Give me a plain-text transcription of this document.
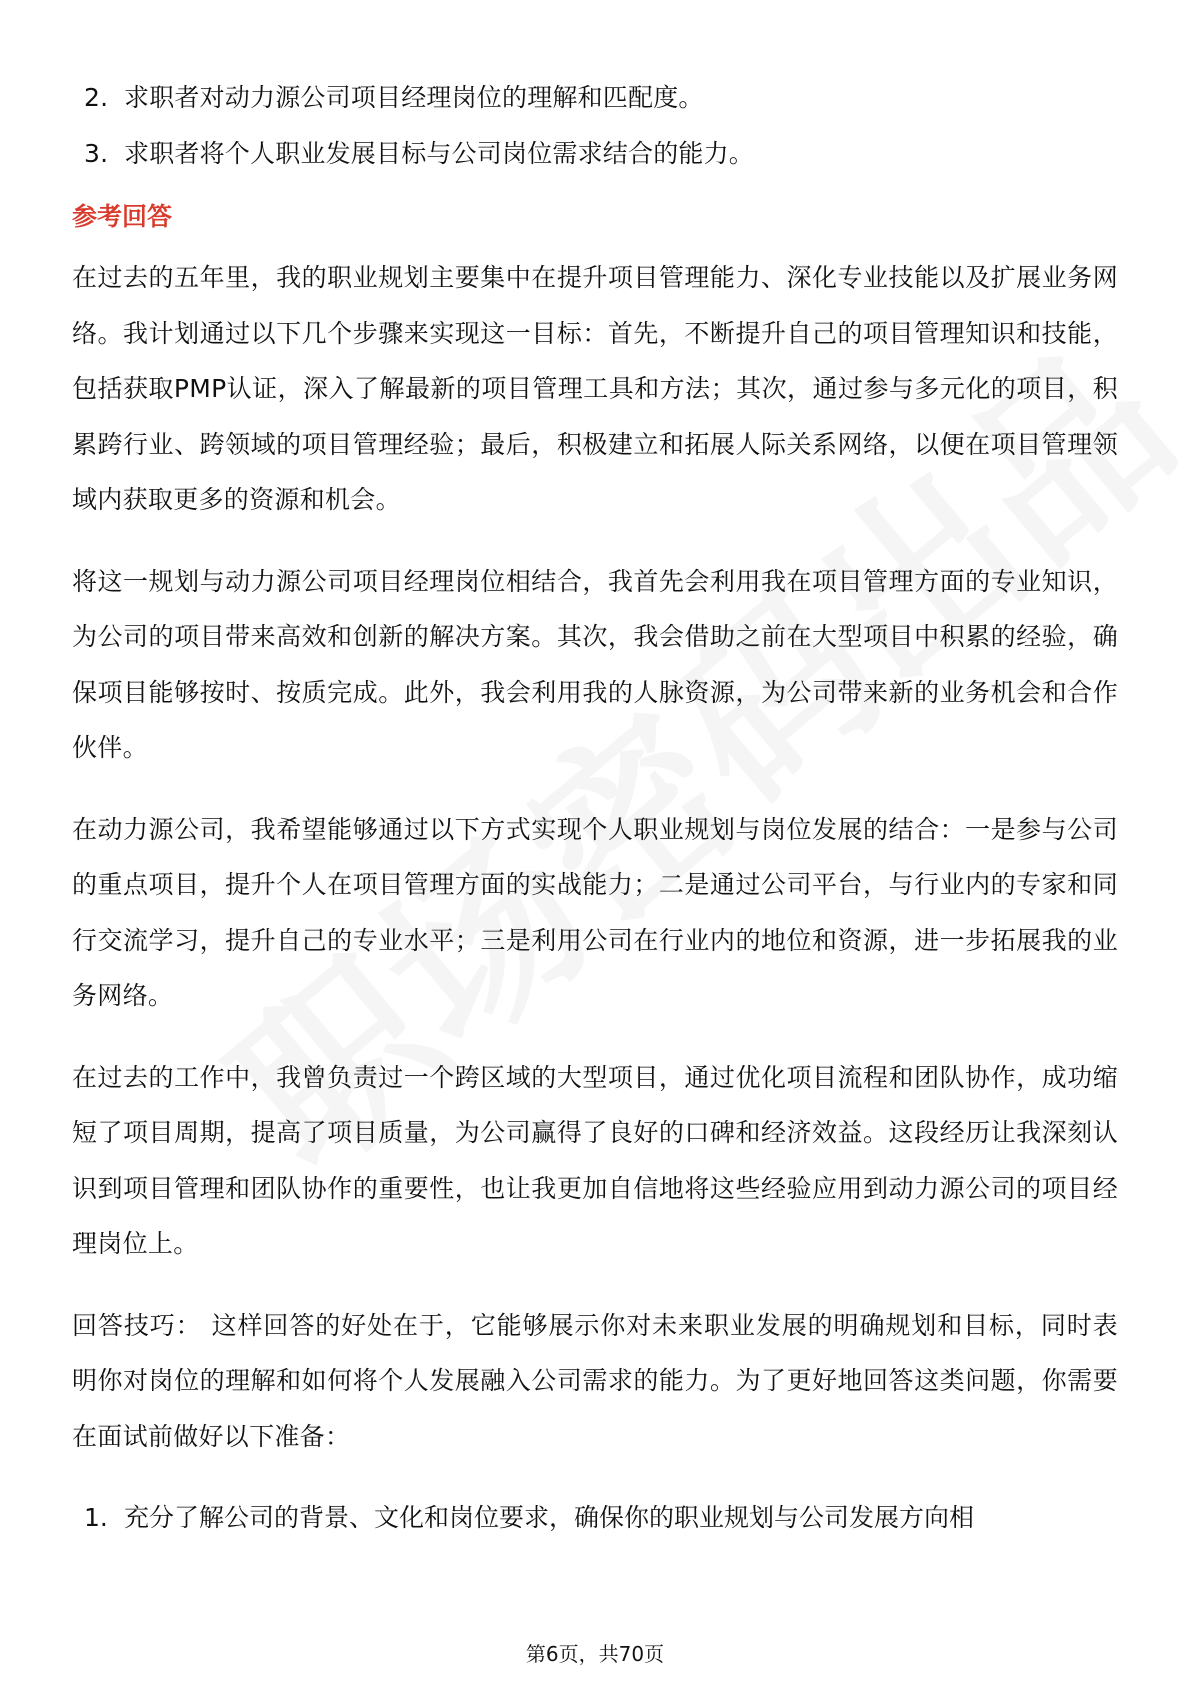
2. 求职者对动力源公司项目经理岗位的理解和匹配度。
3. 求职者将个人职业发展目标与公司岗位需求结合的能力。
参考回答

在过去的五年里，我的职业规划主要集中在提升项目管理能力、深化专业技能以及扩展业务网络。我计划通过以下几个步骤来实现这一目标：首先，不断提升自己的项目管理知识和技能，包括获取PMP认证，深入了解最新的项目管理工具和方法；其次，通过参与多元化的项目，积累跨行业、跨领域的项目管理经验；最后，积极建立和拓展人际关系网络，以便在项目管理领域内获取更多的资源和机会。

将这一规划与动力源公司项目经理岗位相结合，我首先会利用我在项目管理方面的专业知识，为公司的项目带来高效和创新的解决方案。其次，我会借助之前在大型项目中积累的经验，确保项目能够按时、按质完成。此外，我会利用我的人脉资源，为公司带来新的业务机会和合作伙伴。

在动力源公司，我希望能够通过以下方式实现个人职业规划与岗位发展的结合：一是参与公司的重点项目，提升个人在项目管理方面的实战能力；二是通过公司平台，与行业内的专家和同行交流学习，提升自己的专业水平；三是利用公司在行业内的地位和资源，进一步拓展我的业务网络。

在过去的工作中，我曾负责过一个跨区域的大型项目，通过优化项目流程和团队协作，成功缩短了项目周期，提高了项目质量，为公司赢得了良好的口碑和经济效益。这段经历让我深刻认识到项目管理和团队协作的重要性，也让我更加自信地将这些经验应用到动力源公司的项目经理岗位上。

回答技巧： 这样回答的好处在于，它能够展示你对未来职业发展的明确规划和目标，同时表明你对岗位的理解和如何将个人发展融入公司需求的能力。为了更好地回答这类问题，你需要在面试前做好以下准备：

1. 充分了解公司的背景、文化和岗位要求，确保你的职业规划与公司发展方向相
第6页，共70页
